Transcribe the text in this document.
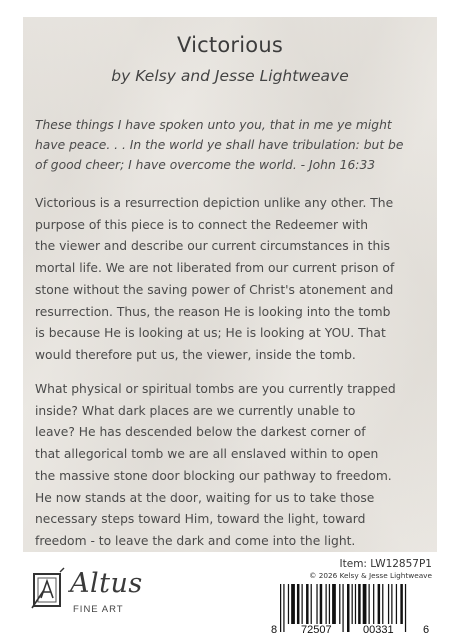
Victorious
by Kelsy and Jesse Lightweave

These things I have spoken unto you, that in me ye might
have peace. . . In the world ye shall have tribulation: but be
of good cheer; I have overcome the world. - John 16:33

Victorious is a resurrection depiction unlike any other. The
purpose of this piece is to connect the Redeemer with
the viewer and describe our current circumstances in this
mortal life. We are not liberated from our current prison of
stone without the saving power of Christ's atonement and
resurrection. Thus, the reason He is looking into the tomb
is because He is looking at us; He is looking at YOU. That
would therefore put us, the viewer, inside the tomb.

What physical or spiritual tombs are you currently trapped
inside? What dark places are we currently unable to
leave? He has descended below the darkest corner of
that allegorical tomb we are all enslaved within to open
the massive stone door blocking our pathway to freedom.
He now stands at the door, waiting for us to take those
necessary steps toward Him, toward the light, toward
freedom - to leave the dark and come into the light.

Altus
FINE ART
Item: LW12857P1
© 2026 Kelsy & Jesse Lightweave
8 72507	00331	6
